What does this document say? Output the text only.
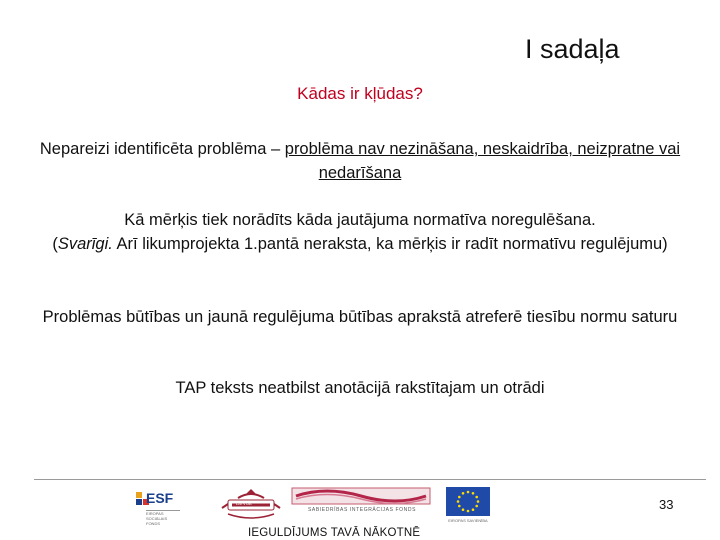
I sadaļa
Kādas ir kļūdas?
Nepareizi identificēta problēma – problēma nav nezināšana, neskaidrība, neizpratne vai nedarīšana
Kā mērķis tiek norādīts kāda jautājuma normatīva noregulēšana.
(Svarīgi. Arī likumprojekta 1.pantā neraksta, ka mērķis ir radīt normatīvu regulējumu)
Problēmas būtības un jaunā regulējuma būtības aprakstā atreferē tiesību normu saturu
TAP teksts neatbilst anotācijā rakstītajam un otrādi
ESF
EIROPAS SOCIĀLAIS FONDS
LATVIJA
SABIEDRĪBAS INTEGRĀCIJAS FONDS
EIROPAS SAVIENĪBA
IEGULDĪJUMS TAVĀ NĀKOTNĒ
33
